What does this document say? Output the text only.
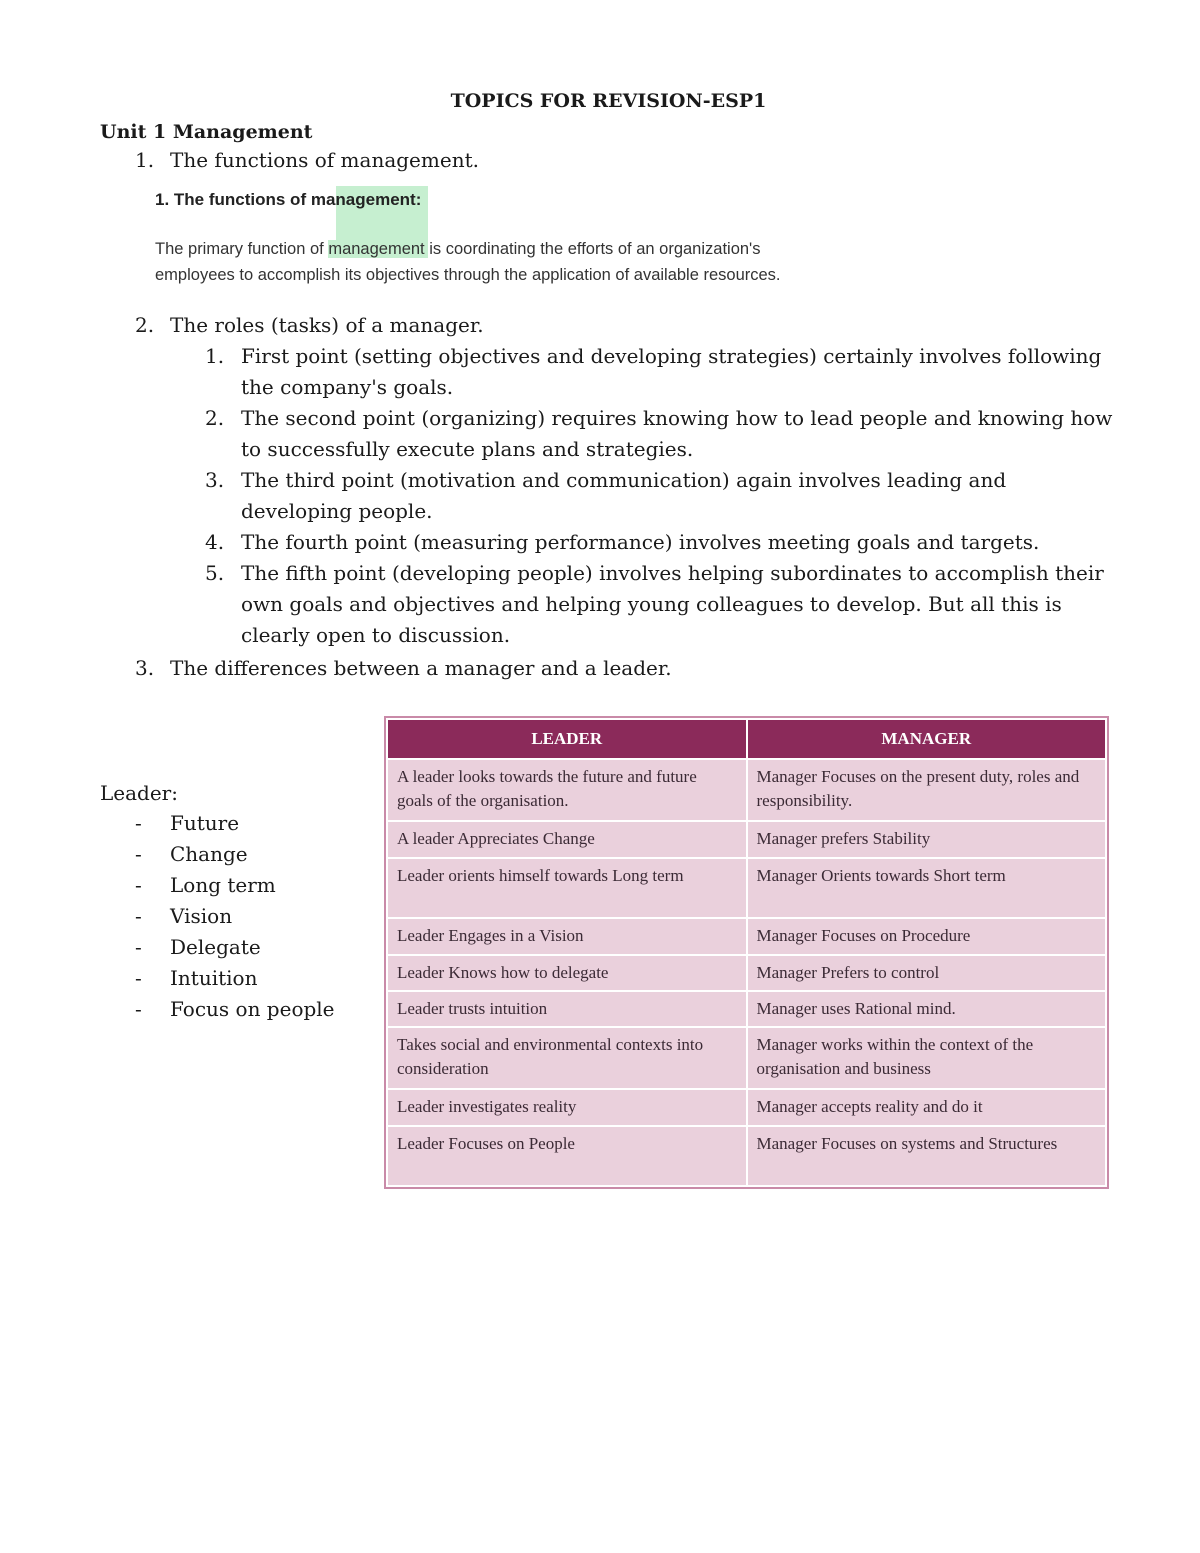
TOPICS FOR REVISION-ESP1
Unit 1 Management
1. The functions of management.
1. The functions of management:
The primary function of management is coordinating the efforts of an organization's
employees to accomplish its objectives through the application of available resources.
2. The roles (tasks) of a manager.
1. First point (setting objectives and developing strategies) certainly involves following the company's goals.
2. The second point (organizing) requires knowing how to lead people and knowing how to successfully execute plans and strategies.
3. The third point (motivation and communication) again involves leading and developing people.
4. The fourth point (measuring performance) involves meeting goals and targets.
5. The fifth point (developing people) involves helping subordinates to accomplish their own goals and objectives and helping young colleagues to develop. But all this is clearly open to discussion.
3. The differences between a manager and a leader.
Leader:
- Future
- Change
- Long term
- Vision
- Delegate
- Intuition
- Focus on people
LEADER	MANAGER
A leader looks towards the future and future goals of the organisation.	Manager Focuses on the present duty, roles and responsibility.
A leader Appreciates Change	Manager prefers Stability
Leader orients himself towards Long term	Manager Orients towards Short term
Leader Engages in a Vision	Manager Focuses on Procedure
Leader Knows how to delegate	Manager Prefers to control
Leader trusts intuition	Manager uses Rational mind.
Takes social and environmental contexts into consideration	Manager works within the context of the organisation and business
Leader investigates reality	Manager accepts reality and do it
Leader Focuses on People	Manager Focuses on systems and Structures
